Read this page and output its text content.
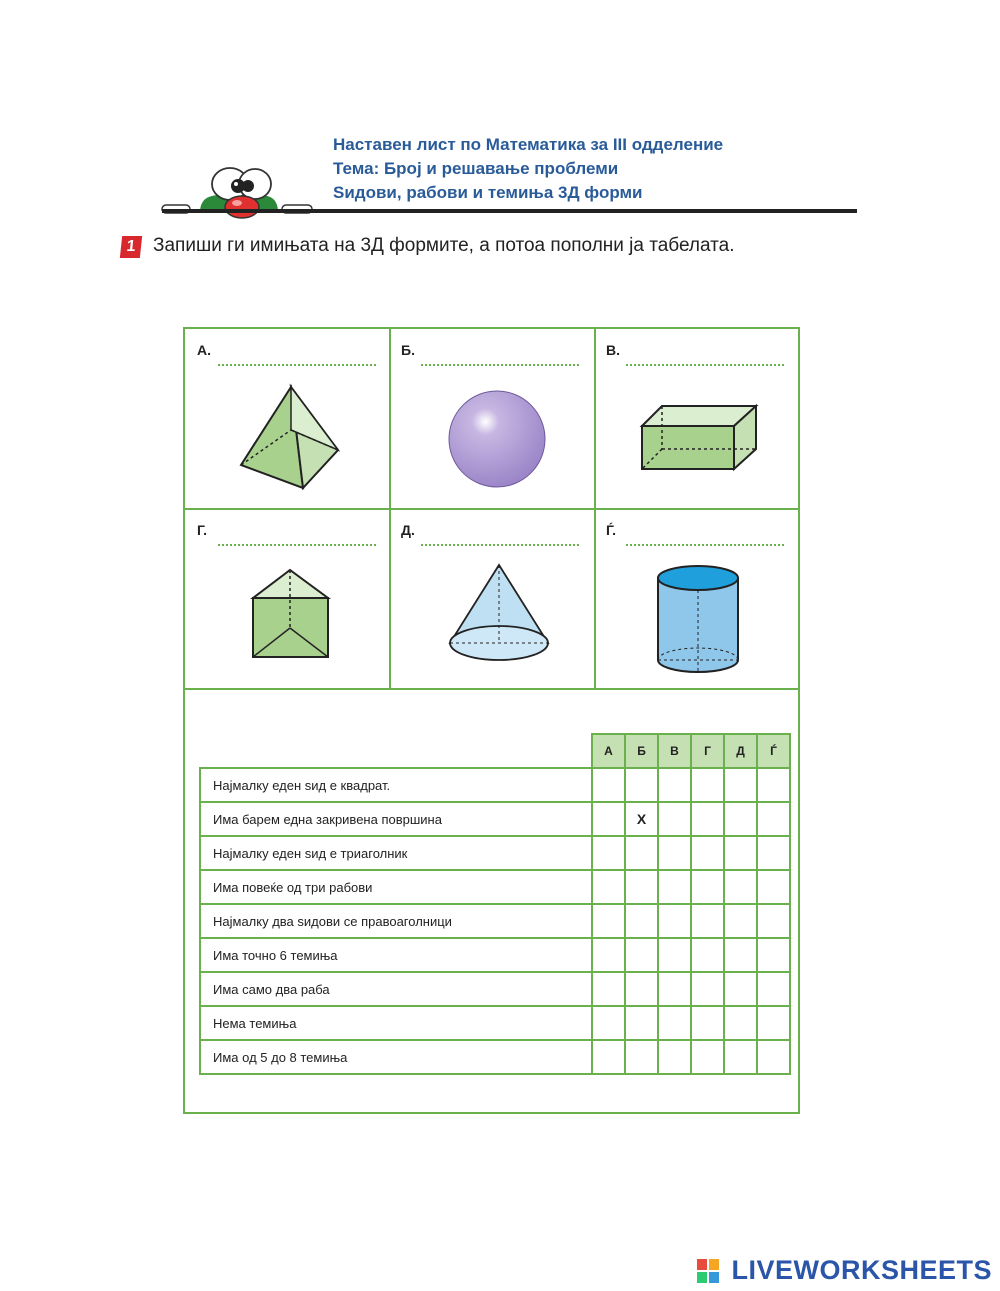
Наставен лист по Математика за III одделение
Тема: Број и решавање проблеми
Ѕидови, рабови и темиња 3Д форми
1 Запиши ги имињата на 3Д формите, а потоа пополни ја табелата.
А.	Б.	В.
Г.	Д.	Ѓ.
	А	Б	В	Г	Д	Ѓ
Најмалку еден ѕид е квадрат.						
Има барем една закривена површина		X				
Најмалку еден ѕид е триаголник						
Има повеќе од три рабови						
Најмалку два ѕидови се правоаголници						
Има точно 6 темиња						
Има само два раба						
Нема темиња						
Има од 5 до 8 темиња						
LIVEWORKSHEETS
